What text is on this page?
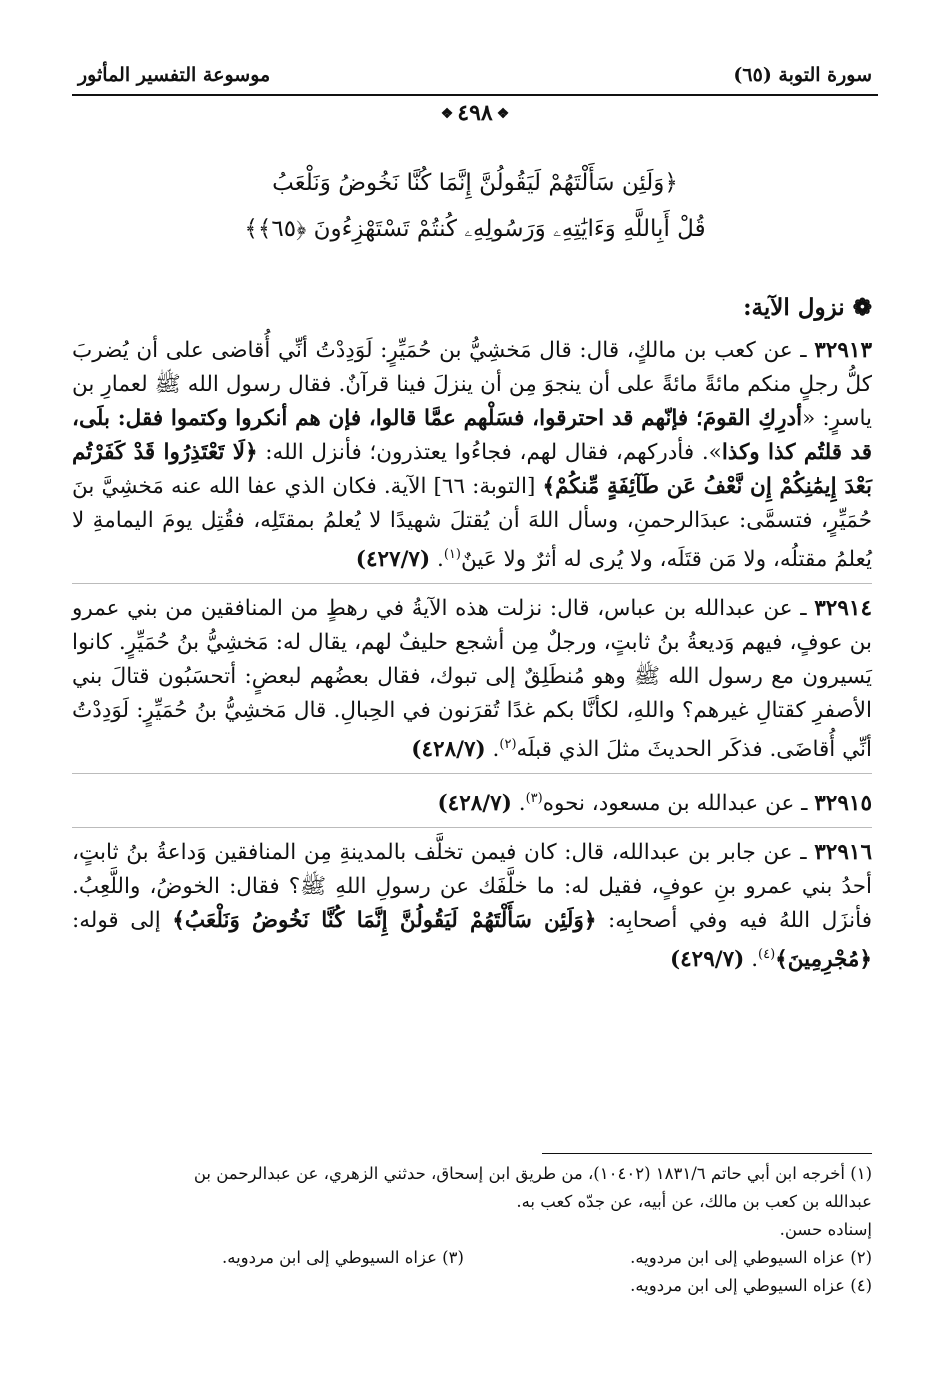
سورة التوبة (٦٥)
موسوعة التفسير المأثور
❖٤٩٨❖
﴿وَلَئِن سَأَلْتَهُمْ لَيَقُولُنَّ إِنَّمَا كُنَّا نَخُوضُ وَنَلْعَبُ
قُلْ أَبِاللَّهِ وَءَايَٰتِهِۦ وَرَسُولِهِۦ كُنتُمْ تَسْتَهْزِءُونَ ﴿٦٥﴾﴾
❁نزول الآية:

٣٢٩١٣ ـ عن كعب بن مالكٍ، قال: قال مَخشِيُّ بن حُمَيِّرٍ: لَوَدِدْتُ أنِّي أُقاضى على أن يُضربَ كلُّ رجلٍ منكم مائةً مائةً على أن ينجوَ مِن أن ينزلَ فينا قرآنٌ. فقال رسول الله ﷺ لعمارِ بن ياسرٍ: «أدرِكِ القومَ؛ فإنّهم قد احترقوا، فسَلْهم عمَّا قالوا، فإن هم أنكروا وكتموا فقل: بلَى، قد قلتُم كذا وكذا». فأدركهم، فقال لهم، فجاءُوا يعتذرون؛ فأنزل الله: ﴿لَا تَعْتَذِرُوا قَدْ كَفَرْتُم بَعْدَ إِيمَٰنِكُمْ إِن نَّعْفُ عَن طَآئِفَةٍ مِّنكُمْ﴾ [التوبة: ٦٦] الآية. فكان الذي عفا الله عنه مَخشِيَّ بنَ حُمَيِّرٍ، فتسمَّى: عبدَالرحمنِ، وسأل اللهَ أن يُقتلَ شهيدًا لا يُعلمُ بمقتَلِه، فقُتِل يومَ اليمامةِ لا يُعلمُ مقتلُه، ولا مَن قتَلَه، ولا يُرى له أثرٌ ولا عَينٌ$^{(١)}$. (٤٢٧/٧)

٣٢٩١٤ ـ عن عبدالله بن عباس، قال: نزلت هذه الآيةُ في رهطٍ من المنافقين من بني عمرو بن عوفٍ، فيهم وَديعةُ بنُ ثابتٍ، ورجلٌ مِن أشجع حليفٌ لهم، يقال له: مَخشِيُّ بنُ حُمَيِّرٍ. كانوا يَسيرون مع رسول الله ﷺ وهو مُنطَلِقٌ إلى تبوك، فقال بعضُهم لبعضٍ: أتحسَبُون قتالَ بني الأصفرِ كقتالِ غيرهم؟ واللهِ، لكأنَّا بكم غدًا تُقرَنون في الحِبالِ. قال مَخشِيُّ بنُ حُمَيِّرٍ: لَوَدِدْتُ أنِّي أُقاضَى. فذكَر الحديثَ مثلَ الذي قبلَه$^{(٢)}$. (٤٢٨/٧)

٣٢٩١٥ ـ عن عبدالله بن مسعود، نحوه$^{(٣)}$. (٤٢٨/٧)

٣٢٩١٦ ـ عن جابر بن عبدالله، قال: كان فيمن تخلَّف بالمدينةِ مِن المنافقين وَداعةُ بنُ ثابتٍ، أحدُ بني عمرو بنِ عوفٍ، فقيل له: ما خلَّفَك عن رسولِ اللهِ ﷺ؟ فقال: الخوضُ، واللَّعِبُ. فأنزَل اللهُ فيه وفي أصحابِه: ﴿وَلَئِن سَأَلْتَهُمْ لَيَقُولُنَّ إِنَّمَا كُنَّا نَخُوضُ وَنَلْعَبُ﴾ إلى قوله: ﴿مُجْرِمِينَ﴾$^{(٤)}$. (٤٢٩/٧)

(١) أخرجه ابن أبي حاتم ١٨٣١/٦ (١٠٤٠٢)، من طريق ابن إسحاق، حدثني الزهري، عن عبدالرحمن بن
عبدالله بن كعب بن مالك، عن أبيه، عن جدّه كعب به.
إسناده حسن.
(٢) عزاه السيوطي إلى ابن مردويه.
(٣) عزاه السيوطي إلى ابن مردويه.
(٤) عزاه السيوطي إلى ابن مردويه.
